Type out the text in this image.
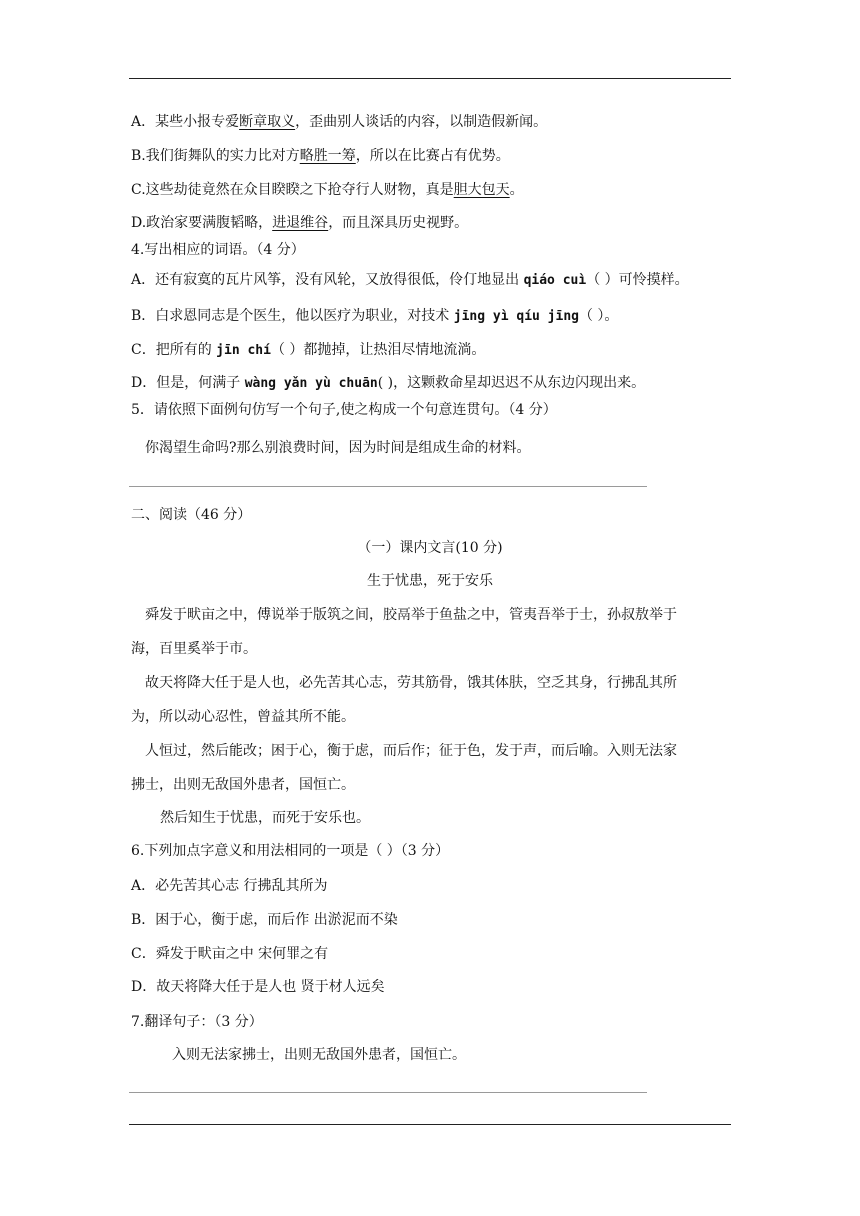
A．某些小报专爱断章取义，歪曲别人谈话的内容，以制造假新闻。
B.我们街舞队的实力比对方略胜一筹，所以在比赛占有优势。
C.这些劫徒竟然在众目睽睽之下抢夺行人财物，真是胆大包天。
D.政治家要满腹韬略，进退维谷，而且深具历史视野。
4.写出相应的词语。（4 分）
A．还有寂寞的瓦片风筝，没有风轮，又放得很低，伶仃地显出 qiáo cuì（ ）可怜摸样。
B．白求恩同志是个医生，他以医疗为职业，对技术 jīng yì qíu jīng（ ）。
C．把所有的 jīn chí（ ）都抛掉，让热泪尽情地流淌。
D．但是，何满子 wàng yǎn yù chuān( )，这颗救命星却迟迟不从东边闪现出来。
5．请依照下面例句仿写一个句子,使之构成一个句意连贯句。（4 分）
你渴望生命吗?那么别浪费时间，因为时间是组成生命的材料。
二、阅读（46 分）
（一）课内文言(10 分)
生于忧患，死于安乐
舜发于畎亩之中，傅说举于版筑之间，胶鬲举于鱼盐之中，管夷吾举于士，孙叔敖举于
海，百里奚举于市。
故天将降大任于是人也，必先苦其心志，劳其筋骨，饿其体肤，空乏其身，行拂乱其所
为，所以动心忍性，曾益其所不能。
人恒过，然后能改；困于心，衡于虑，而后作；征于色，发于声，而后喻。入则无法家
拂士，出则无敌国外患者，国恒亡。
然后知生于忧患，而死于安乐也。
6.下列加点字意义和用法相同的一项是（ ）（3 分）
A．必先苦其心志 行拂乱其所为
B．困于心，衡于虑，而后作 出淤泥而不染
C．舜发于畎亩之中 宋何罪之有
D．故天将降大任于是人也 贤于材人远矣
7.翻译句子：（3 分）
入则无法家拂士，出则无敌国外患者，国恒亡。
